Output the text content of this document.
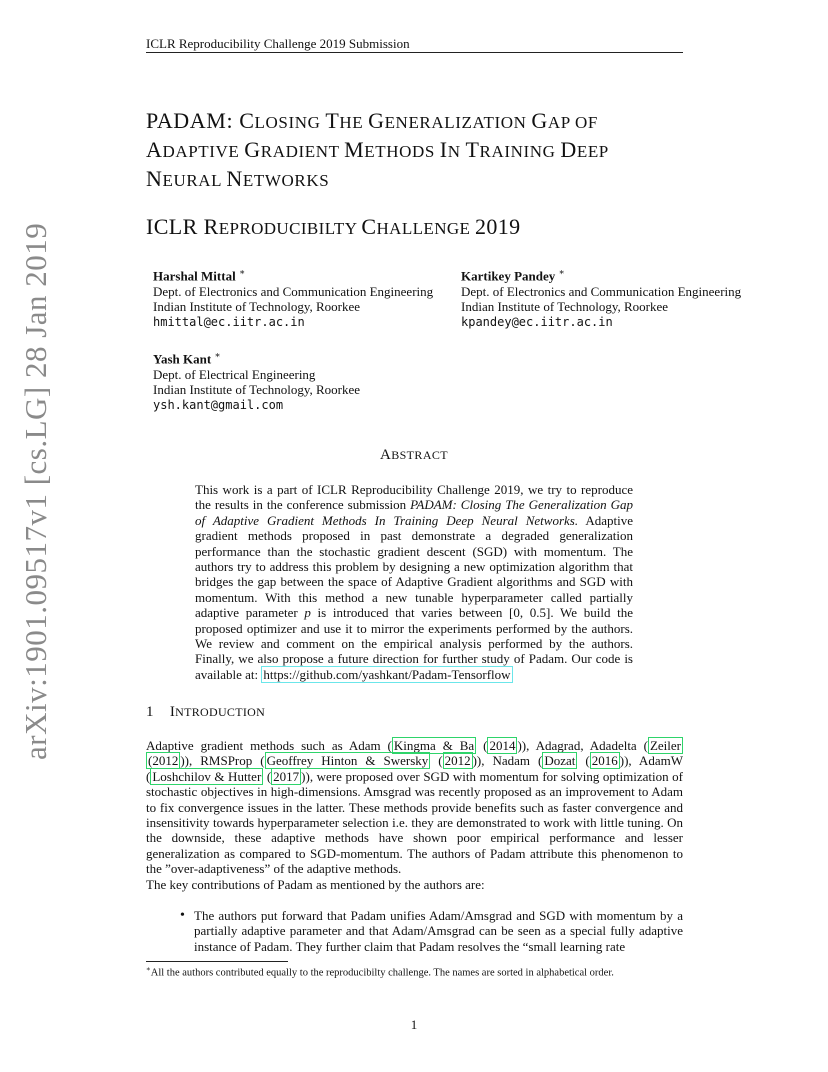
ICLR Reproducibility Challenge 2019 Submission
arXiv:1901.09517v1 [cs.LG] 28 Jan 2019
PADAM: CLOSING THE GENERALIZATION GAP OF
ADAPTIVE GRADIENT METHODS IN TRAINING DEEP
NEURAL NETWORKS
ICLR REPRODUCIBILTY CHALLENGE 2019
Harshal Mittal ∗
Dept. of Electronics and Communication Engineering
Indian Institute of Technology, Roorkee
hmittal@ec.iitr.ac.in
Kartikey Pandey ∗
Dept. of Electronics and Communication Engineering
Indian Institute of Technology, Roorkee
kpandey@ec.iitr.ac.in
Yash Kant ∗
Dept. of Electrical Engineering
Indian Institute of Technology, Roorkee
ysh.kant@gmail.com
ABSTRACT
This work is a part of ICLR Reproducibility Challenge 2019, we try to reproduce the results in the conference submission PADAM: Closing The Generalization Gap of Adaptive Gradient Methods In Training Deep Neural Networks. Adaptive gradient methods proposed in past demonstrate a degraded generalization performance than the stochastic gradient descent (SGD) with momentum. The authors try to address this problem by designing a new optimization algorithm that bridges the gap between the space of Adaptive Gradient algorithms and SGD with momentum. With this method a new tunable hyperparameter called partially adaptive parameter p is introduced that varies between [0, 0.5]. We build the proposed optimizer and use it to mirror the experiments performed by the authors. We review and comment on the empirical analysis performed by the authors. Finally, we also propose a future direction for further study of Padam. Our code is available at: https://github.com/yashkant/Padam-Tensorflow
1 INTRODUCTION
Adaptive gradient methods such as Adam ( Kingma & Ba ( 2014 )), Adagrad, Adadelta ( Zeiler (2012 )), RMSProp ( Geoffrey Hinton & Swersky ( 2012 )), Nadam ( Dozat ( 2016 )), AdamW ( Loshchilov & Hutter ( 2017 )), were proposed over SGD with momentum for solving optimization of stochastic objectives in high-dimensions. Amsgrad was recently proposed as an improvement to Adam to fix convergence issues in the latter. These methods provide benefits such as faster convergence and insensitivity towards hyperparameter selection i.e. they are demonstrated to work with little tuning. On the downside, these adaptive methods have shown poor empirical performance and lesser generalization as compared to SGD-momentum. The authors of Padam attribute this phenomenon to the ”over-adaptiveness” of the adaptive methods.
The key contributions of Padam as mentioned by the authors are:
• The authors put forward that Padam unifies Adam/Amsgrad and SGD with momentum by a partially adaptive parameter and that Adam/Amsgrad can be seen as a special fully adaptive instance of Padam. They further claim that Padam resolves the “small learning rate
∗All the authors contributed equally to the reproducibilty challenge. The names are sorted in alphabetical order.
1
